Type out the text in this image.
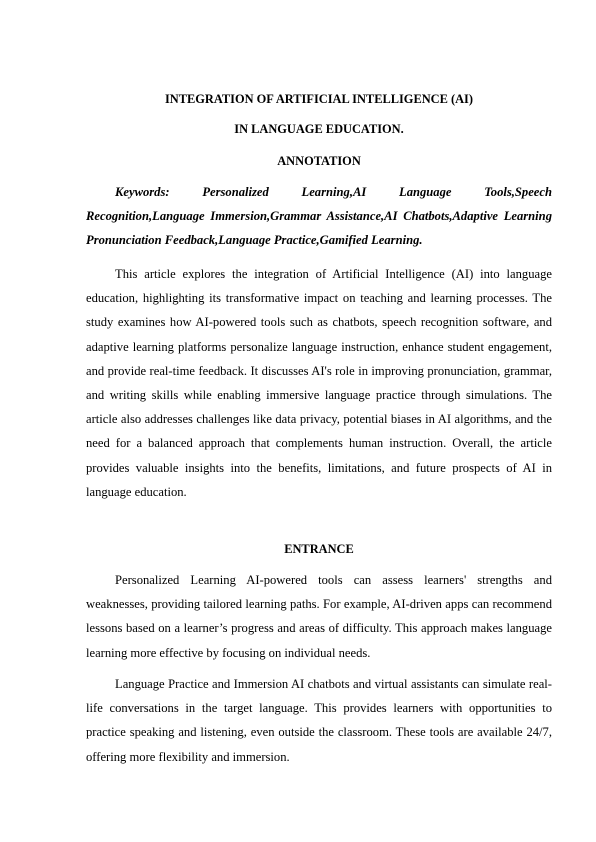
INTEGRATION OF ARTIFICIAL INTELLIGENCE (AI)
IN LANGUAGE EDUCATION.
ANNOTATION

Keywords: Personalized Learning,AI Language Tools,Speech Recognition,Language Immersion,Grammar Assistance,AI Chatbots,Adaptive Learning Pronunciation Feedback,Language Practice,Gamified Learning.

This article explores the integration of Artificial Intelligence (AI) into language education, highlighting its transformative impact on teaching and learning processes. The study examines how AI-powered tools such as chatbots, speech recognition software, and adaptive learning platforms personalize language instruction, enhance student engagement, and provide real-time feedback. It discusses AI's role in improving pronunciation, grammar, and writing skills while enabling immersive language practice through simulations. The article also addresses challenges like data privacy, potential biases in AI algorithms, and the need for a balanced approach that complements human instruction. Overall, the article provides valuable insights into the benefits, limitations, and future prospects of AI in language education.

ENTRANCE

Personalized Learning AI-powered tools can assess learners' strengths and weaknesses, providing tailored learning paths. For example, AI-driven apps can recommend lessons based on a learner’s progress and areas of difficulty. This approach makes language learning more effective by focusing on individual needs.

Language Practice and Immersion AI chatbots and virtual assistants can simulate real-life conversations in the target language. This provides learners with opportunities to practice speaking and listening, even outside the classroom. These tools are available 24/7, offering more flexibility and immersion.
